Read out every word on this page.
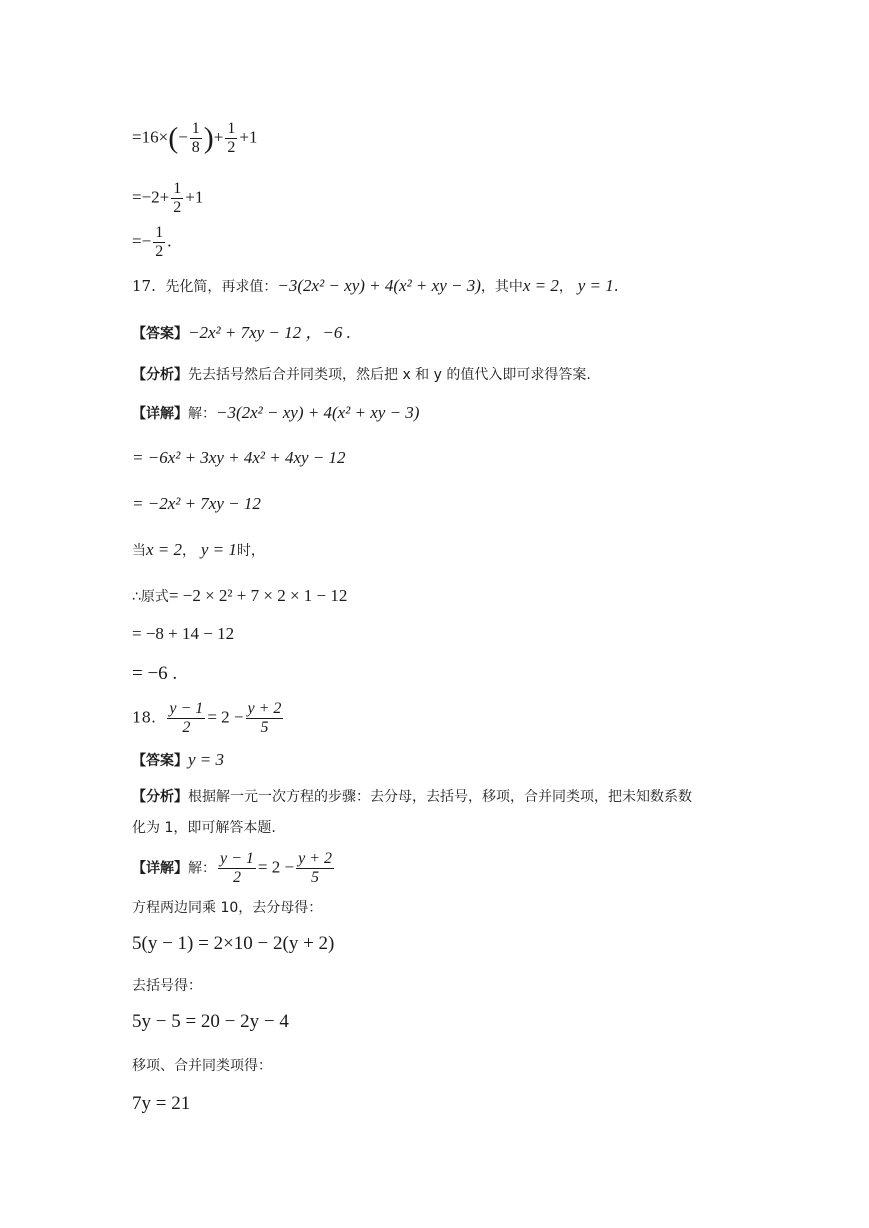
$=16\times(- \frac{1}{8}$ )+ $\frac{1}{2} +1$
$=-2+ \frac{1}{2} +1$
=− $\frac{1}{2}$ .
17. 先化简，再求值：−3(2x² − xy) + 4(x² + xy − 3)，其中x = 2， y = 1.
【答案】−2x² + 7xy − 12 ，−6 .
【分析】先去括号然后合并同类项，然后把 x 和 y 的值代入即可求得答案.
【详解】解：−3(2x² − xy) + 4(x² + xy − 3)
= −6x² + 3xy + 4x² + 4xy − 12
= −2x² + 7xy − 12
当x = 2， y = 1时，
∴原式= −2 × 2² + 7 × 2 × 1 − 12
= −8 + 14 − 12
= −6 .
18. $\frac{y - 1}{2} = 2 - \frac{y + 2}{5}$
【答案】y = 3
【分析】根据解一元一次方程的步骤：去分母，去括号，移项，合并同类项，把未知数系数
化为 1，即可解答本题.
【详解】解： $\frac{y - 1}{2} = 2 - \frac{y + 2}{5}$
方程两边同乘 10，去分母得：
5(y − 1) = 2×10 − 2(y + 2)
去括号得：
5y − 5 = 20 − 2y − 4
移项、合并同类项得：
7y = 21
